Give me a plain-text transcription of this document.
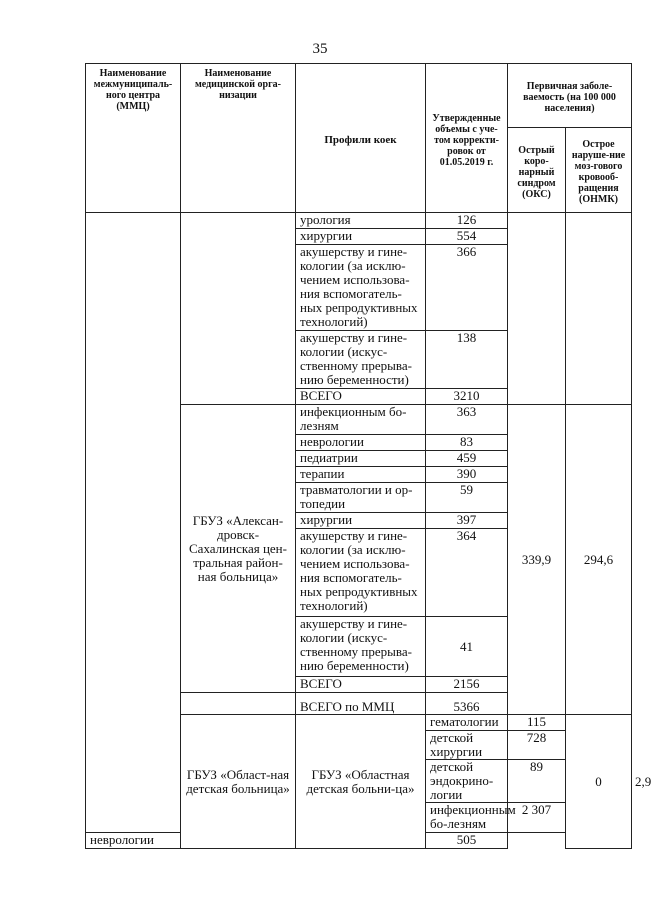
35
Наименование межмуниципаль-ного центра (ММЦ)	Наименование медицинской орга-низации	Профили коек	Утвержденные объемы с уче-том корректи-ровок от 01.05.2019 г.	Первичная заболе-ваемость (на 100 000 населения)		
				Острый коро-нарный синдром (ОКС)	Острое наруше-ние моз-гового кровооб-ращения (ОНМК)	
		урология	126			
		хирургии	554			
		акушерству и гине-кологии (за исклю-чением использова-ния вспомогатель-ных репродуктивных технологий)	366			
		акушерству и гине-кологии (искус-ственному прерыва-нию беременности)	138			
		ВСЕГО	3210			
	ГБУЗ «Алексан-дровск-Сахалинская цен-тральная район-ная больница»	инфекционным бо-лезням	363	339,9	294,6	
		неврологии	83			
		педиатрии	459			
		терапии	390			
		травматологии и ор-топедии	59			
		хирургии	397			
		акушерству и гине-кологии (за исклю-чением использова-ния вспомогатель-ных репродуктивных технологий)	364			
		акушерству и гине-кологии (искус-ственному прерыва-нию беременности)	41			
		ВСЕГО	2156			
		ВСЕГО по ММЦ	5366			
	ГБУЗ «Област-ная детская больница»	ГБУЗ «Областная детская больни-ца»	гематологии	115	0	2,9
			детской хирургии	728		
			детской эндокрино-логии	89		
			инфекционным бо-лезням	2 307		
неврологии			505			
